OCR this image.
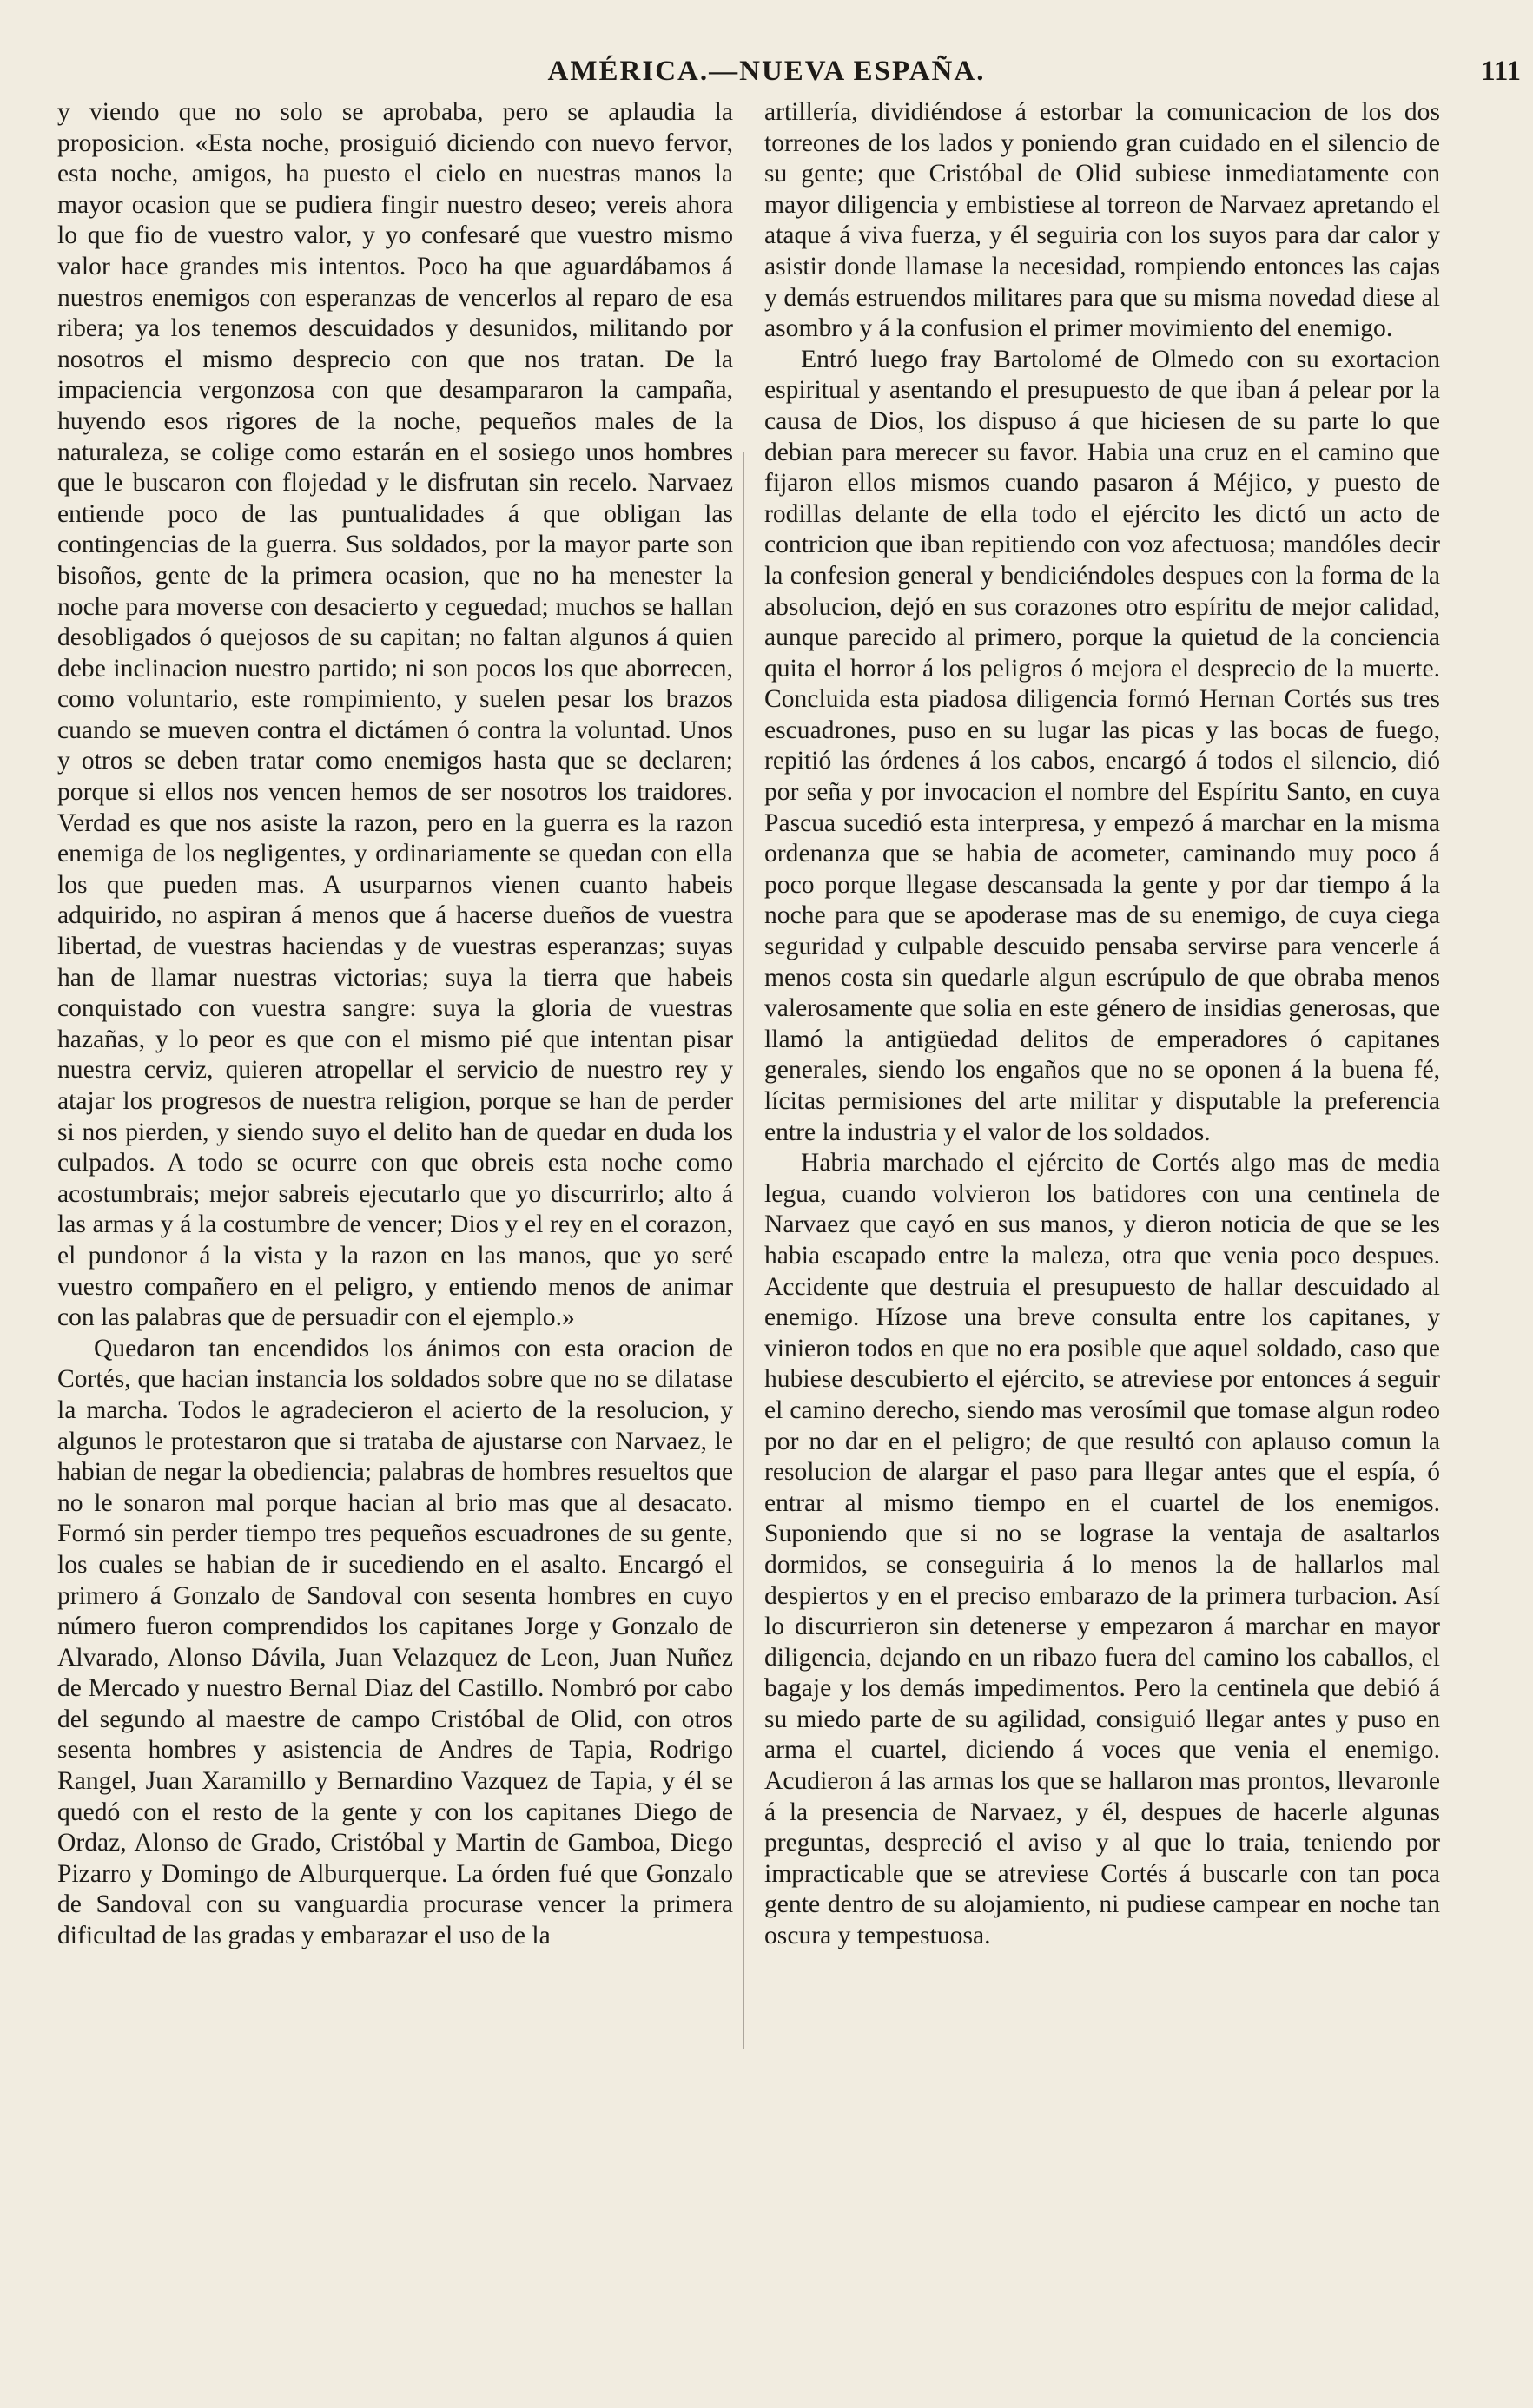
AMÉRICA.—NUEVA ESPAÑA.	111

y viendo que no solo se aprobaba, pero se aplaudia la proposicion. «Esta noche, prosiguió diciendo con nuevo fervor, esta noche, amigos, ha puesto el cielo en nuestras manos la mayor ocasion que se pudiera fingir nuestro deseo; vereis ahora lo que fio de vuestro valor, y yo confesaré que vuestro mismo valor hace grandes mis intentos. Poco ha que aguardábamos á nuestros enemigos con esperanzas de vencerlos al reparo de esa ribera; ya los tenemos descuidados y desunidos, militando por nosotros el mismo desprecio con que nos tratan. De la impaciencia vergonzosa con que desampararon la campaña, huyendo esos rigores de la noche, pequeños males de la naturaleza, se colige como estarán en el sosiego unos hombres que le buscaron con flojedad y le disfrutan sin recelo. Narvaez entiende poco de las puntualidades á que obligan las contingencias de la guerra. Sus soldados, por la mayor parte son bisoños, gente de la primera ocasion, que no ha menester la noche para moverse con desacierto y ceguedad; muchos se hallan desobligados ó quejosos de su capitan; no faltan algunos á quien debe inclinacion nuestro partido; ni son pocos los que aborrecen, como voluntario, este rompimiento, y suelen pesar los brazos cuando se mueven contra el dictámen ó contra la voluntad. Unos y otros se deben tratar como enemigos hasta que se declaren; porque si ellos nos vencen hemos de ser nosotros los traidores. Verdad es que nos asiste la razon, pero en la guerra es la razon enemiga de los negligentes, y ordinariamente se quedan con ella los que pueden mas. A usurparnos vienen cuanto habeis adquirido, no aspiran á menos que á hacerse dueños de vuestra libertad, de vuestras haciendas y de vuestras esperanzas; suyas han de llamar nuestras victorias; suya la tierra que habeis conquistado con vuestra sangre: suya la gloria de vuestras hazañas, y lo peor es que con el mismo pié que intentan pisar nuestra cerviz, quieren atropellar el servicio de nuestro rey y atajar los progresos de nuestra religion, porque se han de perder si nos pierden, y siendo suyo el delito han de quedar en duda los culpados. A todo se ocurre con que obreis esta noche como acostumbrais; mejor sabreis ejecutarlo que yo discurrirlo; alto á las armas y á la costumbre de vencer; Dios y el rey en el corazon, el pundonor á la vista y la razon en las manos, que yo seré vuestro compañero en el peligro, y entiendo menos de animar con las palabras que de persuadir con el ejemplo.»

Quedaron tan encendidos los ánimos con esta oracion de Cortés, que hacian instancia los soldados sobre que no se dilatase la marcha. Todos le agradecieron el acierto de la resolucion, y algunos le protestaron que si trataba de ajustarse con Narvaez, le habian de negar la obediencia; palabras de hombres resueltos que no le sonaron mal porque hacian al brio mas que al desacato. Formó sin perder tiempo tres pequeños escuadrones de su gente, los cuales se habian de ir sucediendo en el asalto. Encargó el primero á Gonzalo de Sandoval con sesenta hombres en cuyo número fueron comprendidos los capitanes Jorge y Gonzalo de Alvarado, Alonso Dávila, Juan Velazquez de Leon, Juan Nuñez de Mercado y nuestro Bernal Diaz del Castillo. Nombró por cabo del segundo al maestre de campo Cristóbal de Olid, con otros sesenta hombres y asistencia de Andres de Tapia, Rodrigo Rangel, Juan Xaramillo y Bernardino Vazquez de Tapia, y él se quedó con el resto de la gente y con los capitanes Diego de Ordaz, Alonso de Grado, Cristóbal y Martin de Gamboa, Diego Pizarro y Domingo de Alburquerque. La órden fué que Gonzalo de Sandoval con su vanguardia procurase vencer la primera dificultad de las gradas y embarazar el uso de la

artillería, dividiéndose á estorbar la comunicacion de los dos torreones de los lados y poniendo gran cuidado en el silencio de su gente; que Cristóbal de Olid subiese inmediatamente con mayor diligencia y embistiese al torreon de Narvaez apretando el ataque á viva fuerza, y él seguiria con los suyos para dar calor y asistir donde llamase la necesidad, rompiendo entonces las cajas y demás estruendos militares para que su misma novedad diese al asombro y á la confusion el primer movimiento del enemigo.

Entró luego fray Bartolomé de Olmedo con su exortacion espiritual y asentando el presupuesto de que iban á pelear por la causa de Dios, los dispuso á que hiciesen de su parte lo que debian para merecer su favor. Habia una cruz en el camino que fijaron ellos mismos cuando pasaron á Méjico, y puesto de rodillas delante de ella todo el ejército les dictó un acto de contricion que iban repitiendo con voz afectuosa; mandóles decir la confesion general y bendiciéndoles despues con la forma de la absolucion, dejó en sus corazones otro espíritu de mejor calidad, aunque parecido al primero, porque la quietud de la conciencia quita el horror á los peligros ó mejora el desprecio de la muerte. Concluida esta piadosa diligencia formó Hernan Cortés sus tres escuadrones, puso en su lugar las picas y las bocas de fuego, repitió las órdenes á los cabos, encargó á todos el silencio, dió por seña y por invocacion el nombre del Espíritu Santo, en cuya Pascua sucedió esta interpresa, y empezó á marchar en la misma ordenanza que se habia de acometer, caminando muy poco á poco porque llegase descansada la gente y por dar tiempo á la noche para que se apoderase mas de su enemigo, de cuya ciega seguridad y culpable descuido pensaba servirse para vencerle á menos costa sin quedarle algun escrúpulo de que obraba menos valerosamente que solia en este género de insidias generosas, que llamó la antigüedad delitos de emperadores ó capitanes generales, siendo los engaños que no se oponen á la buena fé, lícitas permisiones del arte militar y disputable la preferencia entre la industria y el valor de los soldados.

Habria marchado el ejército de Cortés algo mas de media legua, cuando volvieron los batidores con una centinela de Narvaez que cayó en sus manos, y dieron noticia de que se les habia escapado entre la maleza, otra que venia poco despues. Accidente que destruia el presupuesto de hallar descuidado al enemigo. Hízose una breve consulta entre los capitanes, y vinieron todos en que no era posible que aquel soldado, caso que hubiese descubierto el ejército, se atreviese por entonces á seguir el camino derecho, siendo mas verosímil que tomase algun rodeo por no dar en el peligro; de que resultó con aplauso comun la resolucion de alargar el paso para llegar antes que el espía, ó entrar al mismo tiempo en el cuartel de los enemigos. Suponiendo que si no se lograse la ventaja de asaltarlos dormidos, se conseguiria á lo menos la de hallarlos mal despiertos y en el preciso embarazo de la primera turbacion. Así lo discurrieron sin detenerse y empezaron á marchar en mayor diligencia, dejando en un ribazo fuera del camino los caballos, el bagaje y los demás impedimentos. Pero la centinela que debió á su miedo parte de su agilidad, consiguió llegar antes y puso en arma el cuartel, diciendo á voces que venia el enemigo. Acudieron á las armas los que se hallaron mas prontos, llevaronle á la presencia de Narvaez, y él, despues de hacerle algunas preguntas, despreció el aviso y al que lo traia, teniendo por impracticable que se atreviese Cortés á buscarle con tan poca gente dentro de su alojamiento, ni pudiese campear en noche tan oscura y tempestuosa.
